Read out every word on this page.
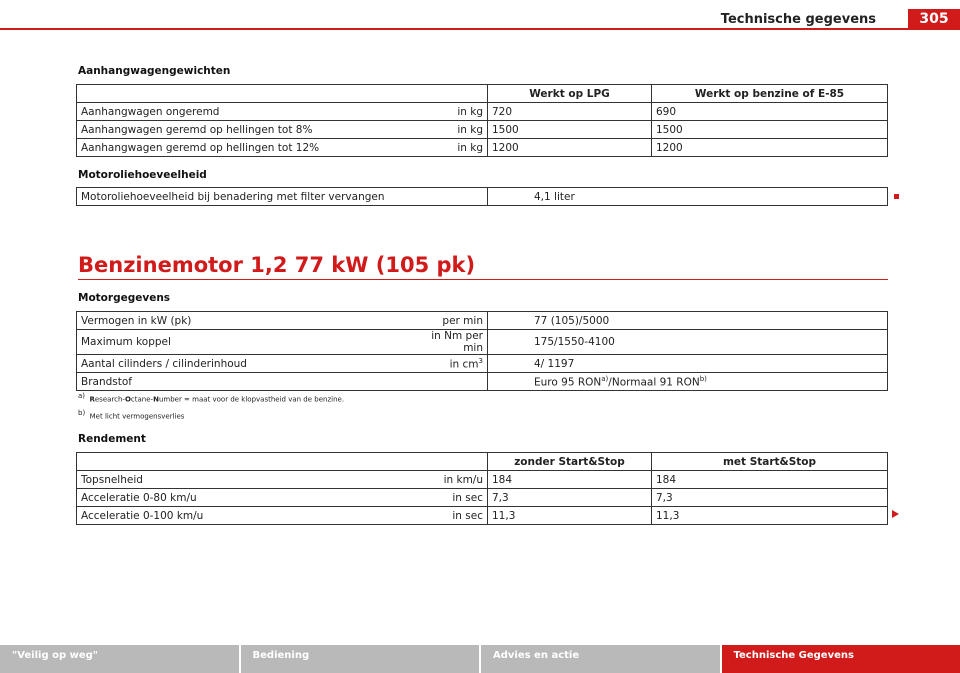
Technische gegevens	305
Aanhangwagengewichten
		Werkt op LPG	Werkt op benzine of E-85
Aanhangwagen ongeremd	in kg	720	690
Aanhangwagen geremd op hellingen tot 8%	in kg	1500	1500
Aanhangwagen geremd op hellingen tot 12%	in kg	1200	1200
Motoroliehoeveelheid
Motoroliehoeveelheid bij benadering met filter vervangen	4,1 liter
Benzinemotor 1,2 77 kW (105 pk)
Motorgegevens
Vermogen in kW (pk)	per min	77 (105)/5000
Maximum koppel	in Nm per min	175/1550-4100
Aantal cilinders / cilinderinhoud	in $cm^3$	4/ 1197
Brandstof		Euro 95 RON$^{a)}$/Normaal 91 RON$^{b)}$
$^{a)}$ Research-Octane-Number = maat voor de klopvastheid van de benzine.
$^{b)}$ Met licht vermogensverlies
Rendement
		zonder Start&Stop	met Start&Stop
Topsnelheid	in km/u	184	184
Acceleratie 0-80 km/u	in sec	7,3	7,3
Acceleratie 0-100 km/u	in sec	11,3	11,3
"Veilig op weg"	Bediening	Advies en actie	Technische Gegevens
